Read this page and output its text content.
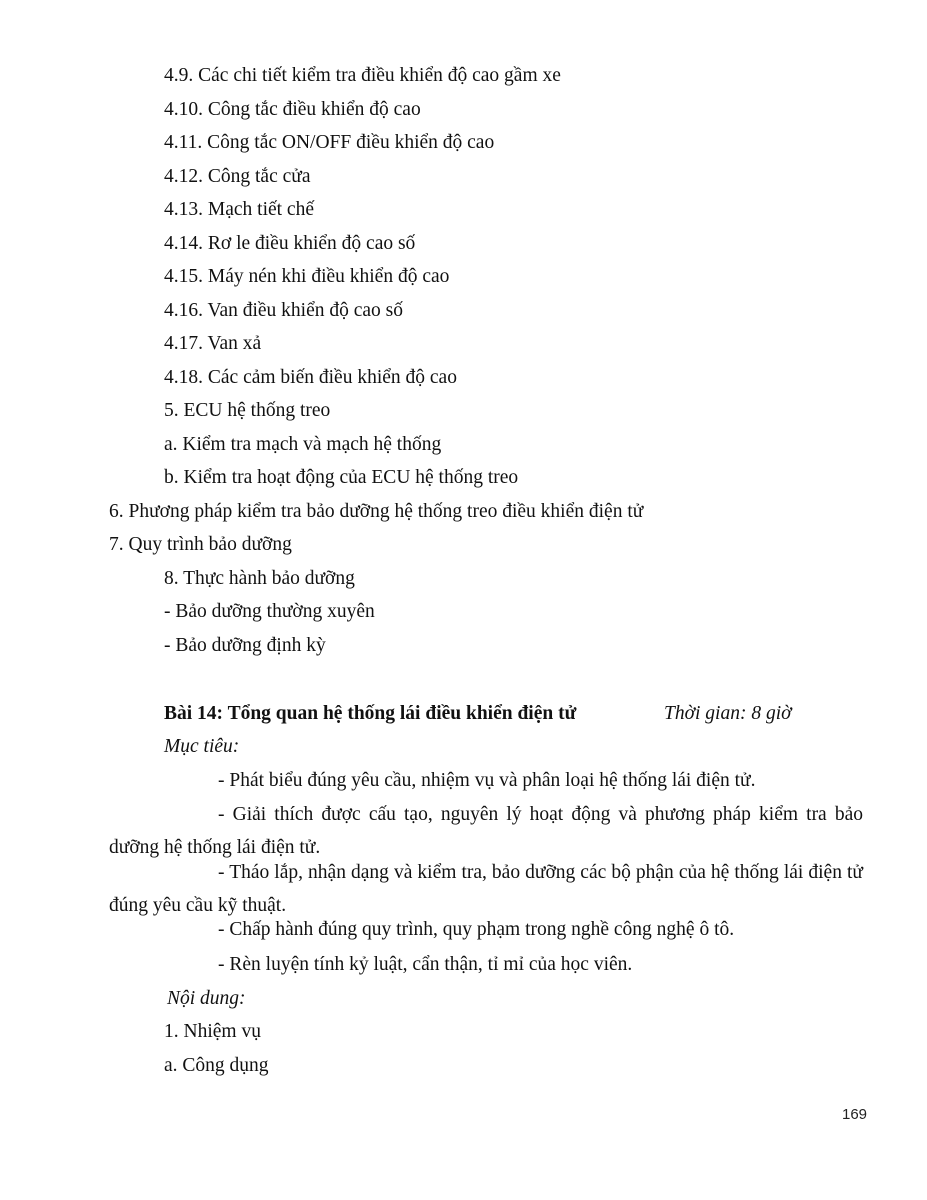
4.9. Các chi tiết kiểm tra điều khiển độ cao gầm xe
4.10. Công tắc điều khiển độ cao
4.11. Công tắc ON/OFF điều khiển độ cao
4.12. Công tắc cửa
4.13. Mạch tiết chế
4.14. Rơ le điều khiển độ cao số
4.15. Máy nén khi điều khiển độ cao
4.16. Van điều khiển độ cao số
4.17. Van xả
4.18. Các cảm biến điều khiển độ cao
5. ECU hệ thống treo
a. Kiểm tra mạch và mạch hệ thống
b. Kiểm tra hoạt động của ECU hệ thống treo
6. Phương pháp kiểm tra bảo dưỡng hệ thống treo điều khiển điện tử
7. Quy trình bảo dưỡng
8. Thực hành bảo dưỡng
- Bảo dưỡng thường xuyên
- Bảo dưỡng định kỳ
Bài 14: Tổng quan hệ thống lái điều khiển điện tử	Thời gian: 8 giờ
Mục tiêu:
- Phát biểu đúng yêu cầu, nhiệm vụ và phân loại hệ thống lái điện tử.
- Giải thích được cấu tạo, nguyên lý hoạt động và phương pháp kiểm tra bảo dưỡng hệ thống lái điện tử.
- Tháo lắp, nhận dạng và kiểm tra, bảo dưỡng các bộ phận của hệ thống lái điện tử đúng yêu cầu kỹ thuật.
- Chấp hành đúng quy trình, quy phạm trong nghề công nghệ ô tô.
- Rèn luyện tính kỷ luật, cẩn thận, tỉ mỉ của học viên.
Nội dung:
1. Nhiệm vụ
a. Công dụng
169
